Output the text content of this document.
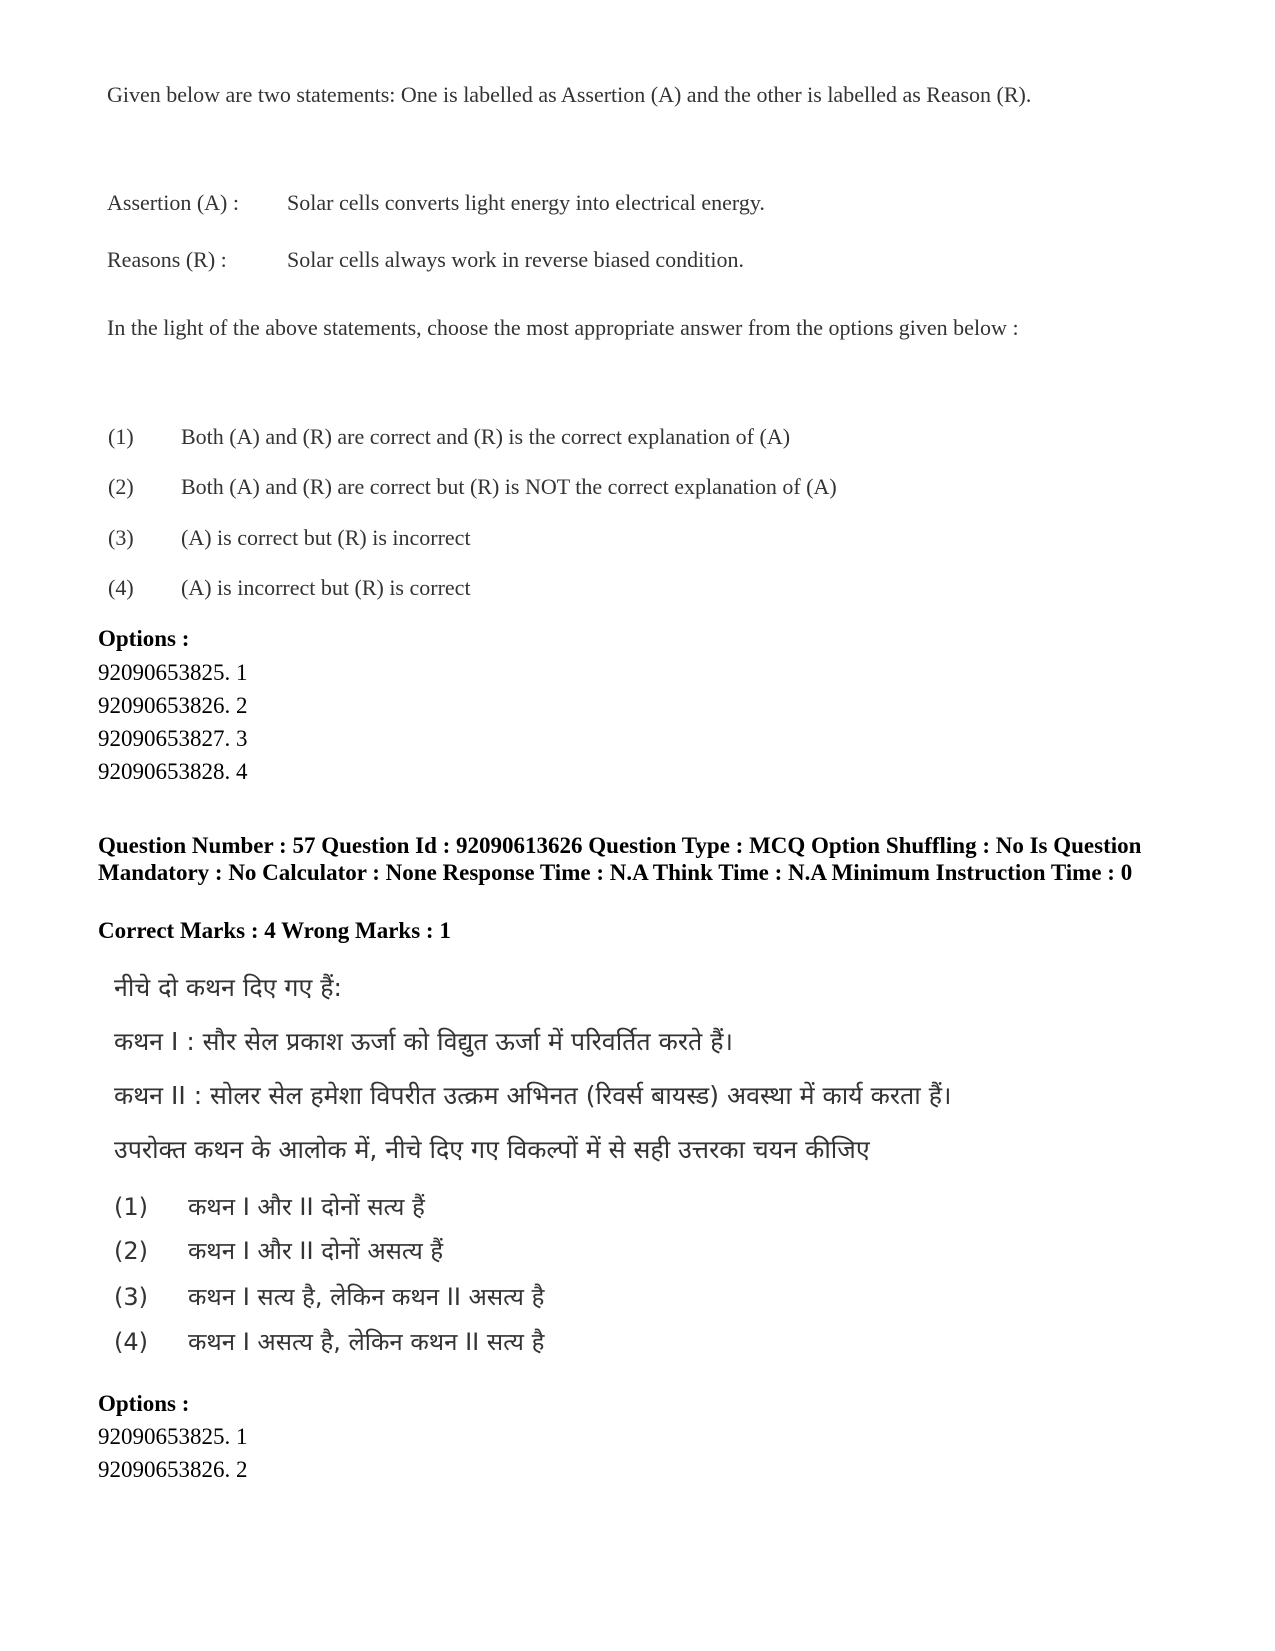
Given below are two statements: One is labelled as Assertion (A) and the other is labelled as Reason (R).
Assertion (A) : Solar cells converts light energy into electrical energy.
Reasons (R) :	Solar cells always work in reverse biased condition.
In the light of the above statements, choose the most appropriate answer from the options given below :
(1) Both (A) and (R) are correct and (R) is the correct explanation of (A)
(2) Both (A) and (R) are correct but (R) is NOT the correct explanation of (A)
(3) (A) is correct but (R) is incorrect
(4) (A) is incorrect but (R) is correct
Options :
92090653825. 1
92090653826. 2
92090653827. 3
92090653828. 4
Question Number : 57 Question Id : 92090613626 Question Type : MCQ Option Shuffling : No Is Question Mandatory : No Calculator : None Response Time : N.A Think Time : N.A Minimum Instruction Time : 0
Correct Marks : 4 Wrong Marks : 1
नीचे दो कथन दिए गए हैं:
कथन I : सौर सेल प्रकाश ऊर्जा को विद्युत ऊर्जा में परिवर्तित करते हैं।
कथन II : सोलर सेल हमेशा विपरीत उत्क्रम अभिनत (रिवर्स बायस्ड) अवस्था में कार्य करता हैं।
उपरोक्त कथन के आलोक में, नीचे दिए गए विकल्पों में से सही उत्तरका चयन कीजिए
(1) कथन I और II दोनों सत्य हैं
(2) कथन I और II दोनों असत्य हैं
(3) कथन I सत्य है, लेकिन कथन II असत्य है
(4) कथन I असत्य है, लेकिन कथन II सत्य है
Options :
92090653825. 1
92090653826. 2
